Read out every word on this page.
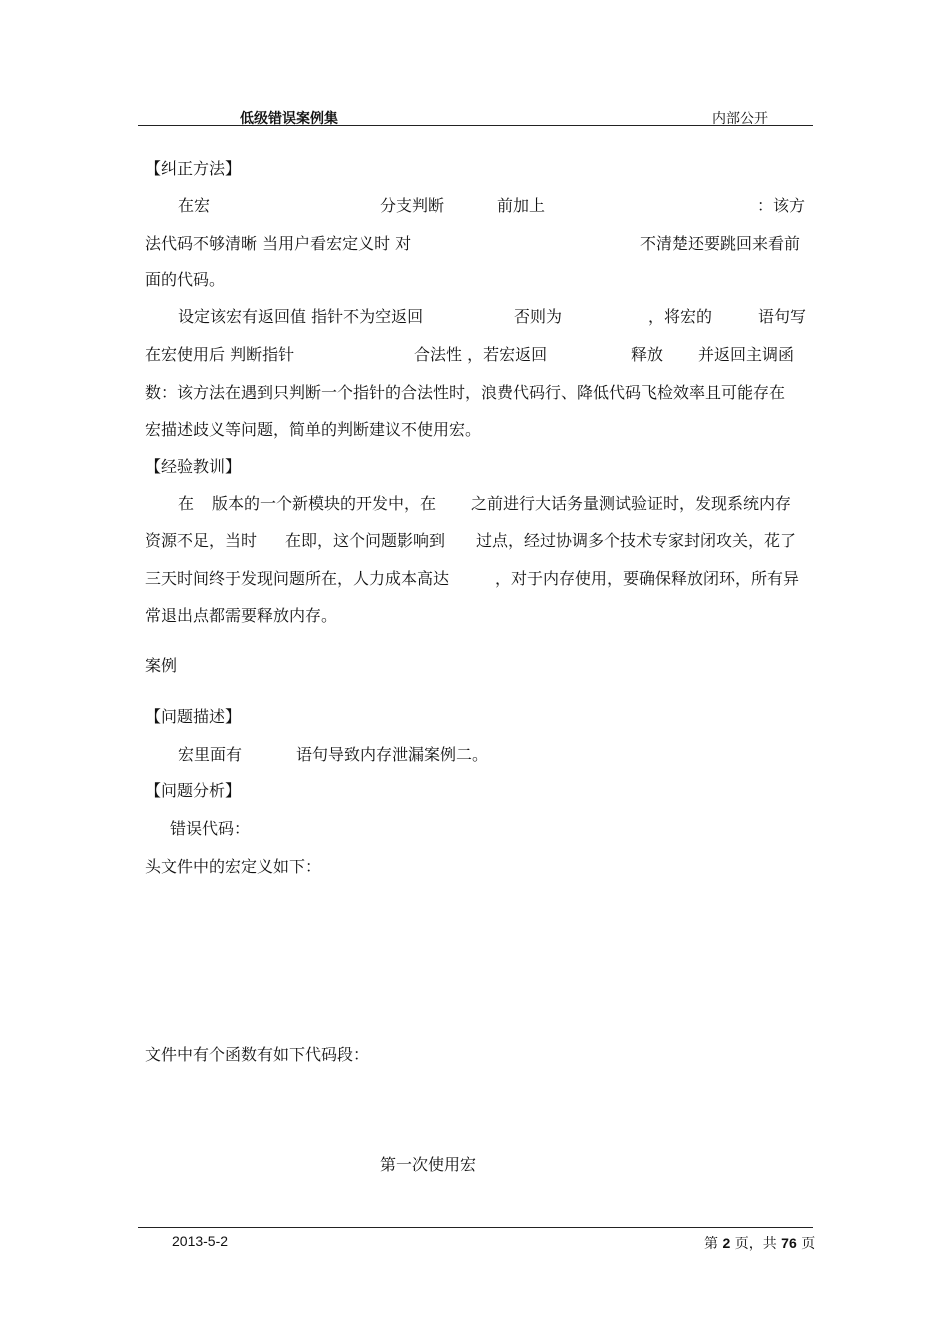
低级错误案例集	内部公开
【纠正方法】
在宏	分支判断	前加上	：该方
法代码不够清晰 当用户看宏定义时 对	不清楚还要跳回来看前
面的代码。
设定该宏有返回值 指针不为空返回	否则为	，将宏的	语句写
在宏使用后 判断指针	合法性 ，若宏返回	释放 并返回主调函
数：该方法在遇到只判断一个指针的合法性时，浪费代码行、降低代码飞检效率且可能存在
宏描述歧义等问题，简单的判断建议不使用宏。
【经验教训】
在 版本的一个新模块的开发中，在 之前进行大话务量测试验证时，发现系统内存
资源不足，当时 在即，这个问题影响到 过点，经过协调多个技术专家封闭攻关，花了
三天时间终于发现问题所在，人力成本高达	，对于内存使用，要确保释放闭环，所有异
常退出点都需要释放内存。
案例
【问题描述】
宏里面有	语句导致内存泄漏案例二。
【问题分析】
错误代码：
头文件中的宏定义如下：
文件中有个函数有如下代码段：
第一次使用宏
2013-5-2	第 2 页，共 76 页
